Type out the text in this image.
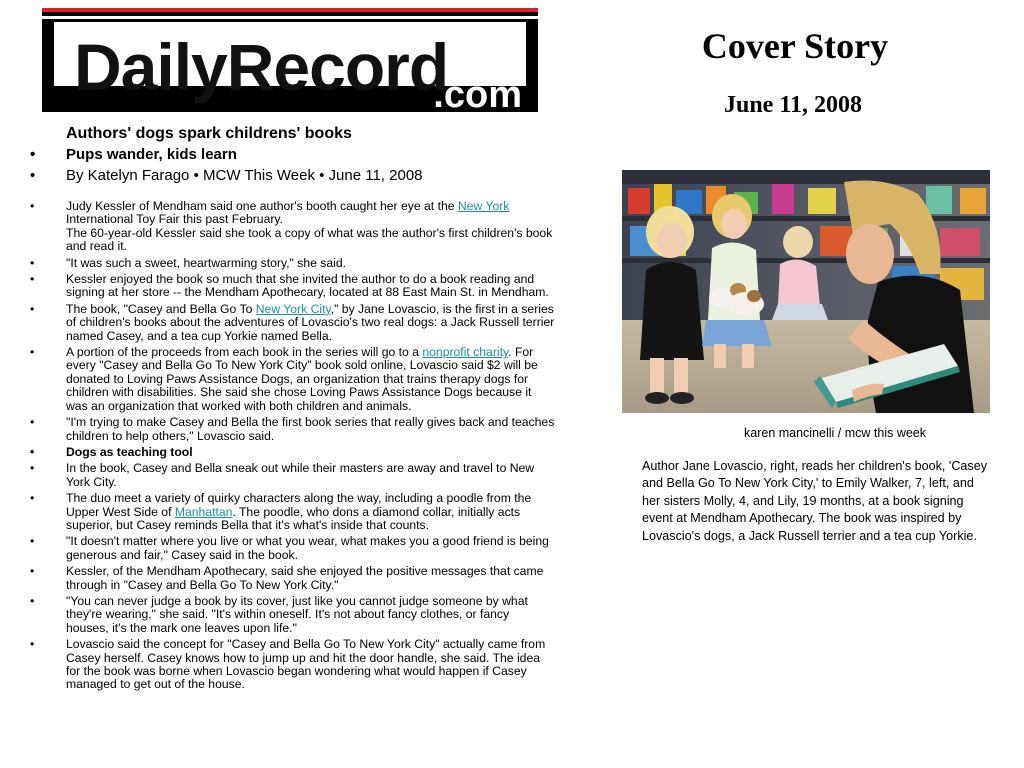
DailyRecord
.com
Cover Story
June 11, 2008
Authors' dogs spark childrens' books
• Pups wander, kids learn
• By Katelyn Farago • MCW This Week • June 11, 2008
• Judy Kessler of Mendham said one author's booth caught her eye at the New York International Toy Fair this past February.
The 60-year-old Kessler said she took a copy of what was the author's first children's book and read it.
• "It was such a sweet, heartwarming story," she said.
• Kessler enjoyed the book so much that she invited the author to do a book reading and signing at her store -- the Mendham Apothecary, located at 88 East Main St. in Mendham.
• The book, "Casey and Bella Go To New York City," by Jane Lovascio, is the first in a series of children's books about the adventures of Lovascio's two real dogs: a Jack Russell terrier named Casey, and a tea cup Yorkie named Bella.
• A portion of the proceeds from each book in the series will go to a nonprofit charity. For every "Casey and Bella Go To New York City" book sold online, Lovascio said $2 will be donated to Loving Paws Assistance Dogs, an organization that trains therapy dogs for children with disabilities. She said she chose Loving Paws Assistance Dogs because it was an organization that worked with both children and animals.
• "I'm trying to make Casey and Bella the first book series that really gives back and teaches children to help others," Lovascio said.
• Dogs as teaching tool
• In the book, Casey and Bella sneak out while their masters are away and travel to New York City.
• The duo meet a variety of quirky characters along the way, including a poodle from the Upper West Side of Manhattan. The poodle, who dons a diamond collar, initially acts superior, but Casey reminds Bella that it's what's inside that counts.
• "It doesn't matter where you live or what you wear, what makes you a good friend is being generous and fair," Casey said in the book.
• Kessler, of the Mendham Apothecary, said she enjoyed the positive messages that came through in "Casey and Bella Go To New York City."
• "You can never judge a book by its cover, just like you cannot judge someone by what they're wearing," she said. "It's within oneself. It's not about fancy clothes, or fancy houses, it's the mark one leaves upon life."
• Lovascio said the concept for "Casey and Bella Go To New York City" actually came from Casey herself. Casey knows how to jump up and hit the door handle, she said. The idea for the book was borne when Lovascio began wondering what would happen if Casey managed to get out of the house.
karen mancinelli / mcw this week
Author Jane Lovascio, right, reads her children's book, 'Casey and Bella Go To New York City,' to Emily Walker, 7, left, and her sisters Molly, 4, and Lily, 19 months, at a book signing event at Mendham Apothecary. The book was inspired by Lovascio's dogs, a Jack Russell terrier and a tea cup Yorkie.
